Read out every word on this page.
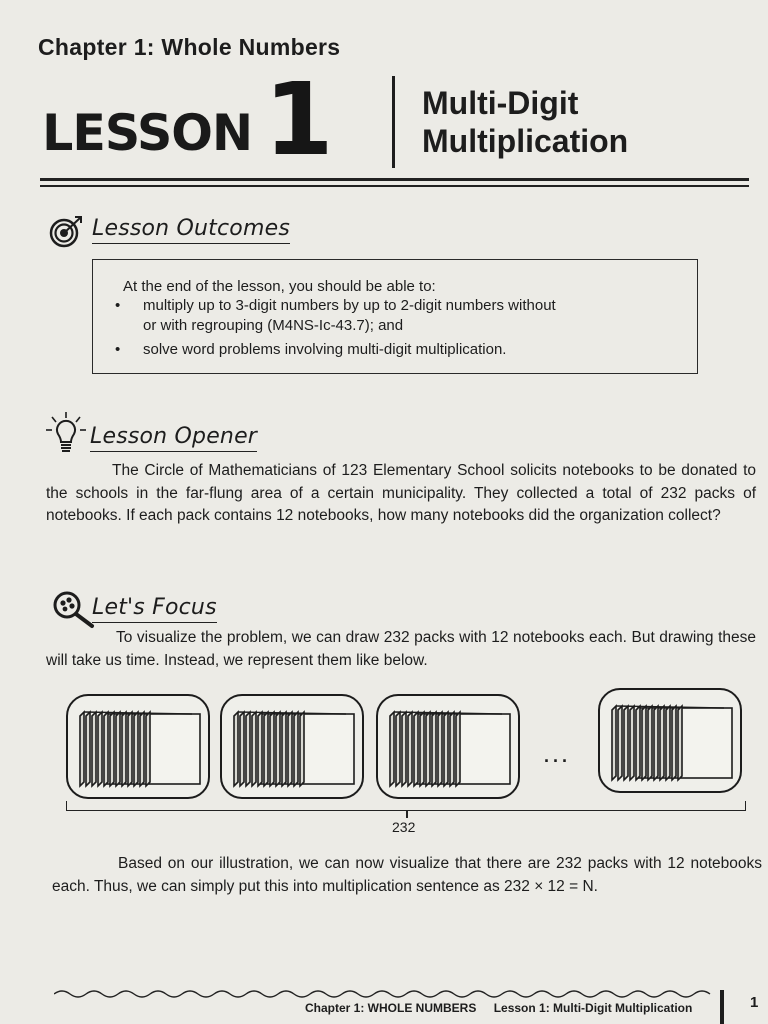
Chapter 1: Whole Numbers
LESSON 1	Multi-Digit
Multiplication
Lesson Outcomes
At the end of the lesson, you should be able to:
• multiply up to 3-digit numbers by up to 2-digit numbers without
or with regrouping (M4NS-Ic-43.7); and
• solve word problems involving multi-digit multiplication.
Lesson Opener
The Circle of Mathematicians of 123 Elementary School solicits notebooks to be donated to the schools in the far-flung area of a certain municipality. They collected a total of 232 packs of notebooks. If each pack contains 12 notebooks, how many notebooks did the organization collect?
Let's Focus
To visualize the problem, we can draw 232 packs with 12 notebooks each. But drawing these will take us time. Instead, we represent them like below.
...
232
Based on our illustration, we can now visualize that there are 232 packs with 12 notebooks each. Thus, we can simply put this into multiplication sentence as 232 × 12 = N.
Chapter 1: WHOLE NUMBERS Lesson 1: Multi-Digit Multiplication	1
